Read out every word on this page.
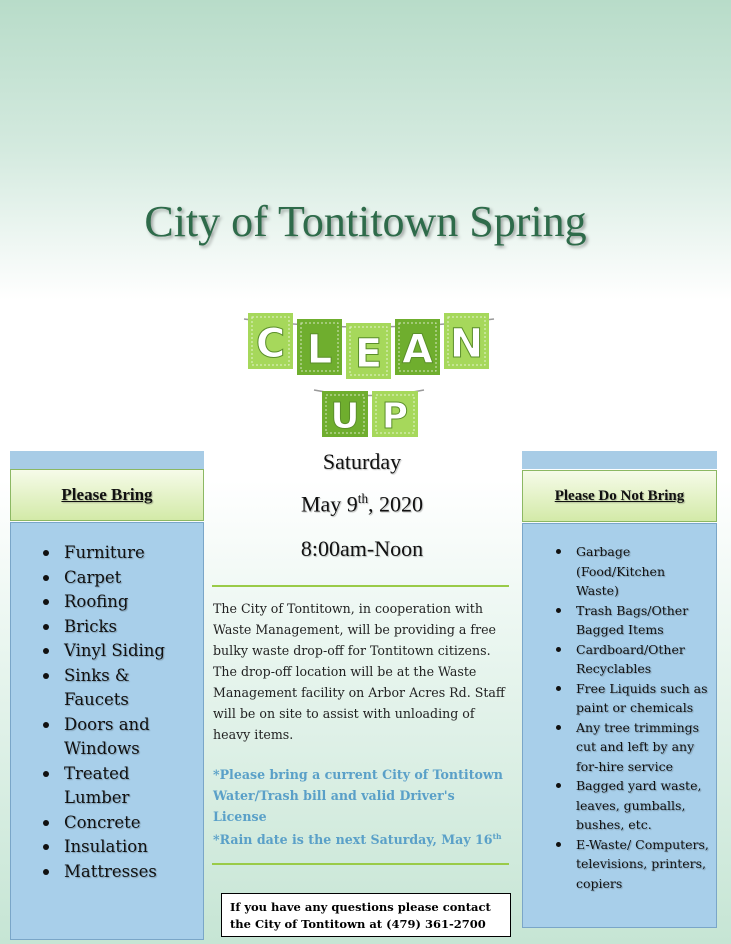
City of Tontitown Spring
C L E A N
U P
Please Bring
Furniture
Carpet
Roofing
Bricks
Vinyl Siding
Sinks & Faucets
Doors and Windows
Treated Lumber
Concrete
Insulation
Mattresses
Please Do Not Bring
Garbage (Food/Kitchen Waste)
Trash Bags/Other Bagged Items
Cardboard/Other Recyclables
Free Liquids such as paint or chemicals
Any tree trimmings cut and left by any for-hire service
Bagged yard waste, leaves, gumballs, bushes, etc.
E-Waste/ Computers, televisions, printers, copiers
Saturday
May 9th, 2020
8:00am-Noon
The City of Tontitown, in cooperation with Waste Management, will be providing a free bulky waste drop-off for Tontitown citizens. The drop-off location will be at the Waste Management facility on Arbor Acres Rd. Staff will be on site to assist with unloading of heavy items.
*Please bring a current City of Tontitown Water/Trash bill and valid Driver's License
*Rain date is the next Saturday, May 16th
If you have any questions please contact the City of Tontitown at (479) 361-2700
